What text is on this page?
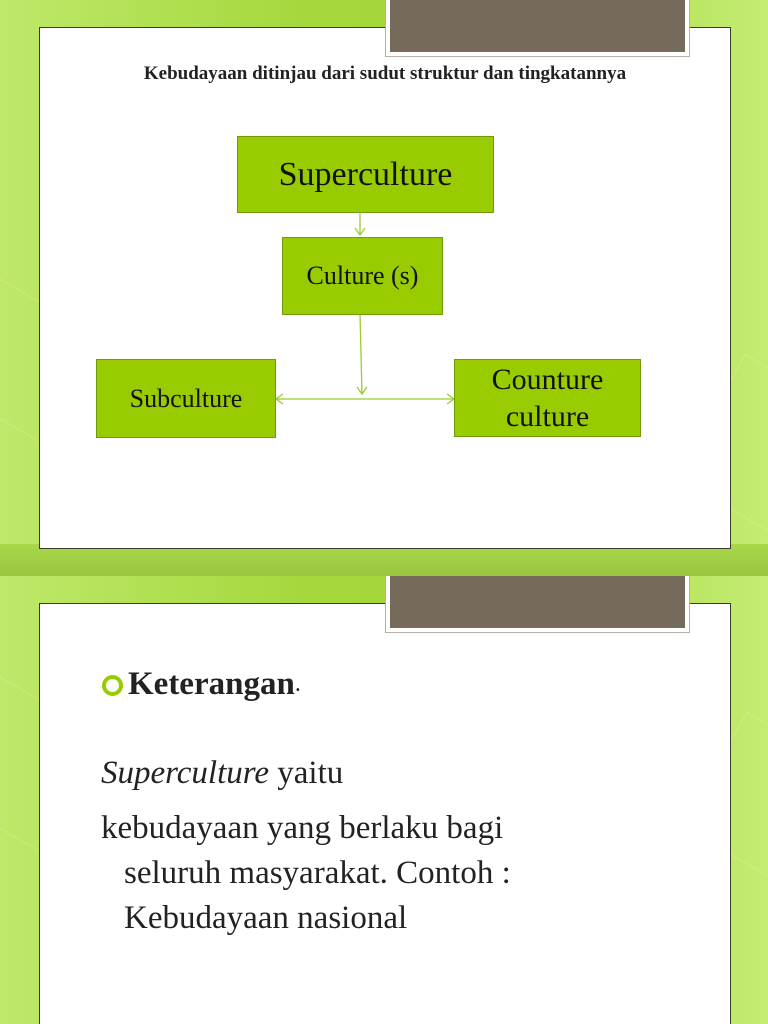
Kebudayaan ditinjau dari sudut struktur dan tingkatannya
Superculture
Culture (s)
Subculture
Counture
culture
Keterangan .
Superculture yaitu
kebudayaan yang berlaku bagi
seluruh masyarakat. Contoh :
Kebudayaan nasional
